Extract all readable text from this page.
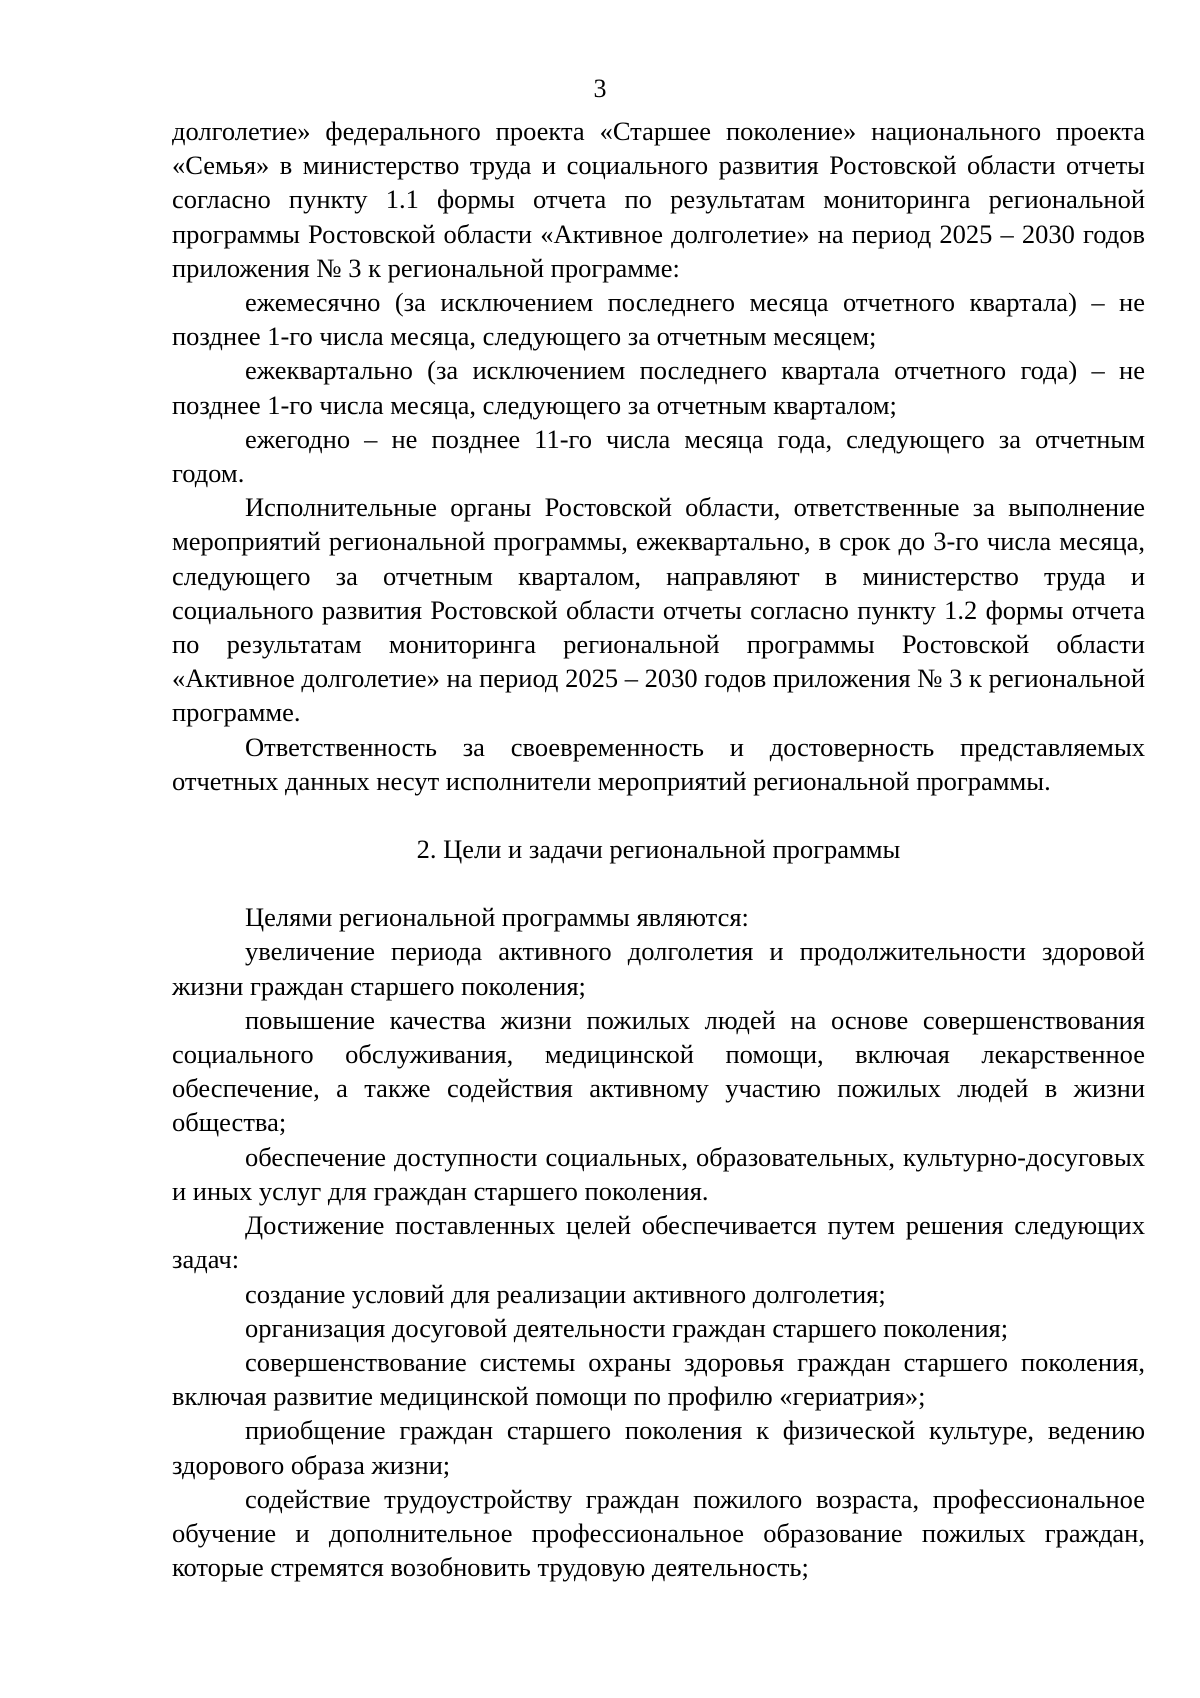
3

долголетие» федерального проекта «Старшее поколение» национального проекта «Семья» в министерство труда и социального развития Ростовской области отчеты согласно пункту 1.1 формы отчета по результатам мониторинга региональной программы Ростовской области «Активное долголетие» на период 2025 – 2030 годов приложения № 3 к региональной программе:

ежемесячно (за исключением последнего месяца отчетного квартала) – не позднее 1-го числа месяца, следующего за отчетным месяцем;

ежеквартально (за исключением последнего квартала отчетного года) – не позднее 1-го числа месяца, следующего за отчетным кварталом;

ежегодно – не позднее 11-го числа месяца года, следующего за отчетным годом.

Исполнительные органы Ростовской области, ответственные за выполнение мероприятий региональной программы, ежеквартально, в срок до 3-го числа месяца, следующего за отчетным кварталом, направляют в министерство труда и социального развития Ростовской области отчеты согласно пункту 1.2 формы отчета по результатам мониторинга региональной программы Ростовской области «Активное долголетие» на период 2025 – 2030 годов приложения № 3 к региональной программе.

Ответственность за своевременность и достоверность представляемых отчетных данных несут исполнители мероприятий региональной программы.

2. Цели и задачи региональной программы

Целями региональной программы являются:

увеличение периода активного долголетия и продолжительности здоровой жизни граждан старшего поколения;

повышение качества жизни пожилых людей на основе совершенствования социального обслуживания, медицинской помощи, включая лекарственное обеспечение, а также содействия активному участию пожилых людей в жизни общества;

обеспечение доступности социальных, образовательных, культурно-досуговых и иных услуг для граждан старшего поколения.

Достижение поставленных целей обеспечивается путем решения следующих задач:

создание условий для реализации активного долголетия;

организация досуговой деятельности граждан старшего поколения;

совершенствование системы охраны здоровья граждан старшего поколения, включая развитие медицинской помощи по профилю «гериатрия»;

приобщение граждан старшего поколения к физической культуре, ведению здорового образа жизни;

содействие трудоустройству граждан пожилого возраста, профессиональное обучение и дополнительное профессиональное образование пожилых граждан, которые стремятся возобновить трудовую деятельность;
